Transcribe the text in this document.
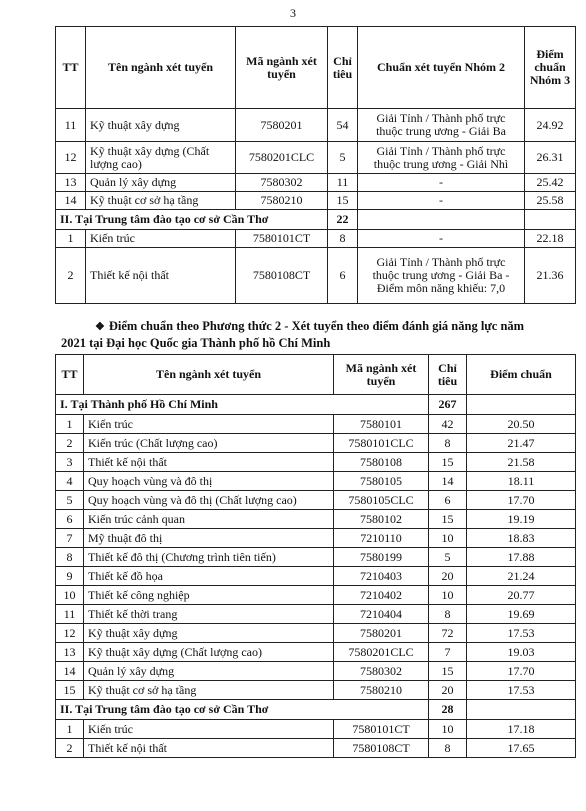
3
TT	Tên ngành xét tuyển	Mã ngành xét tuyển	Chỉ tiêu	Chuẩn xét tuyển Nhóm 2	Điểm chuẩn Nhóm 3
11	Kỹ thuật xây dựng	7580201	54	Giải Tỉnh / Thành phố trực thuộc trung ương - Giải Ba	24.92
12	Kỹ thuật xây dựng (Chất lượng cao)	7580201CLC	5	Giải Tỉnh / Thành phố trực thuộc trung ương - Giải Nhì	26.31
13	Quản lý xây dựng	7580302	11	-	25.42
14	Kỹ thuật cơ sở hạ tầng	7580210	15	-	25.58
II. Tại Trung tâm đào tạo cơ sở Cần Thơ			22		
1	Kiến trúc	7580101CT	8	-	22.18
2	Thiết kế nội thất	7580108CT	6	Giải Tỉnh / Thành phố trực thuộc trung ương - Giải Ba - Điểm môn năng khiếu: 7,0	21.36
❖ Điểm chuẩn theo Phương thức 2 - Xét tuyển theo điểm đánh giá năng lực năm
2021 tại Đại học Quốc gia Thành phố hồ Chí Minh
TT	Tên ngành xét tuyển	Mã ngành xét tuyển	Chỉ tiêu	Điểm chuẩn
I. Tại Thành phố Hồ Chí Minh			267	
1	Kiến trúc	7580101	42	20.50
2	Kiến trúc (Chất lượng cao)	7580101CLC	8	21.47
3	Thiết kế nội thất	7580108	15	21.58
4	Quy hoạch vùng và đô thị	7580105	14	18.11
5	Quy hoạch vùng và đô thị (Chất lượng cao)	7580105CLC	6	17.70
6	Kiến trúc cảnh quan	7580102	15	19.19
7	Mỹ thuật đô thị	7210110	10	18.83
8	Thiết kế đô thị (Chương trình tiên tiến)	7580199	5	17.88
9	Thiết kế đồ họa	7210403	20	21.24
10	Thiết kế công nghiệp	7210402	10	20.77
11	Thiết kế thời trang	7210404	8	19.69
12	Kỹ thuật xây dựng	7580201	72	17.53
13	Kỹ thuật xây dựng (Chất lượng cao)	7580201CLC	7	19.03
14	Quản lý xây dựng	7580302	15	17.70
15	Kỹ thuật cơ sở hạ tầng	7580210	20	17.53
II. Tại Trung tâm đào tạo cơ sở Cần Thơ			28	
1	Kiến trúc	7580101CT	10	17.18
2	Thiết kế nội thất	7580108CT	8	17.65
